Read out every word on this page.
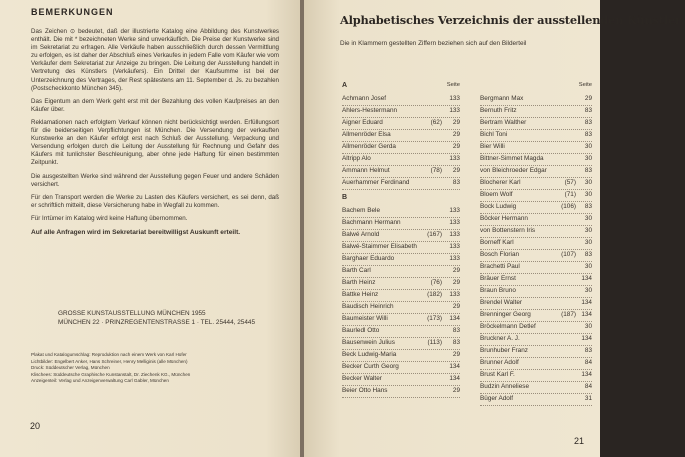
BEMERKUNGEN

Das Zeichen ⊙ bedeutet, daß der illustrierte Katalog eine Abbildung des Kunstwerkes enthält. Die mit * bezeichneten Werke sind unverkäuflich. Die Preise der Kunstwerke sind im Sekretariat zu erfragen. Alle Verkäufe haben ausschließlich durch dessen Vermittlung zu erfolgen, es ist daher der Abschluß eines Verkaufes in jedem Falle vom Käufer wie vom Verkäufer dem Sekretariat zur Anzeige zu bringen. Die Leitung der Ausstellung handelt in Vertretung des Künstlers (Verkäufers). Ein Drittel der Kaufsumme ist bei der Unterzeichnung des Vertrages, der Rest spätestens am 11. September d. Js. zu bezahlen (Postscheckkonto München 345).

Das Eigentum an dem Werk geht erst mit der Bezahlung des vollen Kaufpreises an den Käufer über.

Reklamationen nach erfolgtem Verkauf können nicht berücksichtigt werden. Erfüllungsort für die beiderseitigen Verpflichtungen ist München. Die Versendung der verkauften Kunstwerke an den Käufer erfolgt erst nach Schluß der Ausstellung. Verpackung und Versendung erfolgen durch die Leitung der Ausstellung für Rechnung und Gefahr des Käufers mit tunlichster Beschleunigung, aber ohne jede Haftung für einen bestimmten Zeitpunkt.

Die ausgestellten Werke sind während der Ausstellung gegen Feuer und andere Schäden versichert.

Für den Transport werden die Werke zu Lasten des Käufers versichert, es sei denn, daß er schriftlich mitteilt, diese Versicherung habe in Wegfall zu kommen.

Für Irrtümer im Katalog wird keine Haftung übernommen.

Auf alle Anfragen wird im Sekretariat bereitwilligst Auskunft erteilt.

GROSSE KUNSTAUSSTELLUNG MÜNCHEN 1955
MÜNCHEN 22 · PRINZREGENTENSTRASSE 1 · TEL. 25444, 25445
Plakat und Katalogumschlag: Reproduktion nach einem Werk von Karl Hofer
Lichtbilder: Engelbert Anker, Hans Schreiner, Henry Melliginis (alle München)
Druck: Süddeutscher Verlag, München
Klischees: Süddeutsche Graphische Kunstanstalt, Dr. Ziechenk KG., München
Anzeigenteil: Verlag und Anzeigenverwaltung Carl Gabler, München
20
Alphabetisches Verzeichnis der ausstellenden Künstler:
Die in Klammern gestellten Ziffern beziehen sich auf den Bilderteil
A	Seite
Achmann Josef	133
Ahlers-Hestermann	133
Aigner Eduard	(62) 29
Allmenröder Elsa	29
Allmenröder Gerda	29
Altripp Alo	133
Ammann Helmut	(78) 29
Auerhammer Ferdinand	83
B
Bachem Bele	133
Bachmann Hermann	133
Balwé Arnold	(167) 133
Balwé-Staimmer Elisabeth	133
Barghaer Eduardo	133
Barth Carl	29
Barth Heinz	(76) 29
Battke Heinz	(182) 133
Baudisch Heinrich	29
Baumeister Willi	(173) 134
Baurledl Otto	83
Bausenwein Julius	(113) 83
Beck Ludwig-Maria	29
Becker Curth Georg	134
Becker Walter	134
Beier Otto Hans	29
Seite
Bergmann Max	29
Bernuth Fritz	83
Bertram Walther	83
Bichl Toni	83
Bier Willi	30
Bittner-Simmet Magda	30
von Bleichroeder Edgar	83
Blocherer Karl	(57) 30
Bloem Wolf	(71) 30
Bock Ludwig	(106) 83
Böcker Hermann	30
von Bottenstern Iris	30
Borneff Karl	30
Bosch Florian	(107) 83
Brachetti Paul	30
Bräuer Ernst	134
Braun Bruno	30
Brendel Walter	134
Brenninger Georg	(187) 134
Bröckelmann Detlef	30
Bruckner A. J.	134
Brunhuber Franz	83
Brunner Adolf	84
Brust Karl F.	134
Budzin Anneliese	84
Büger Adolf	31
21
